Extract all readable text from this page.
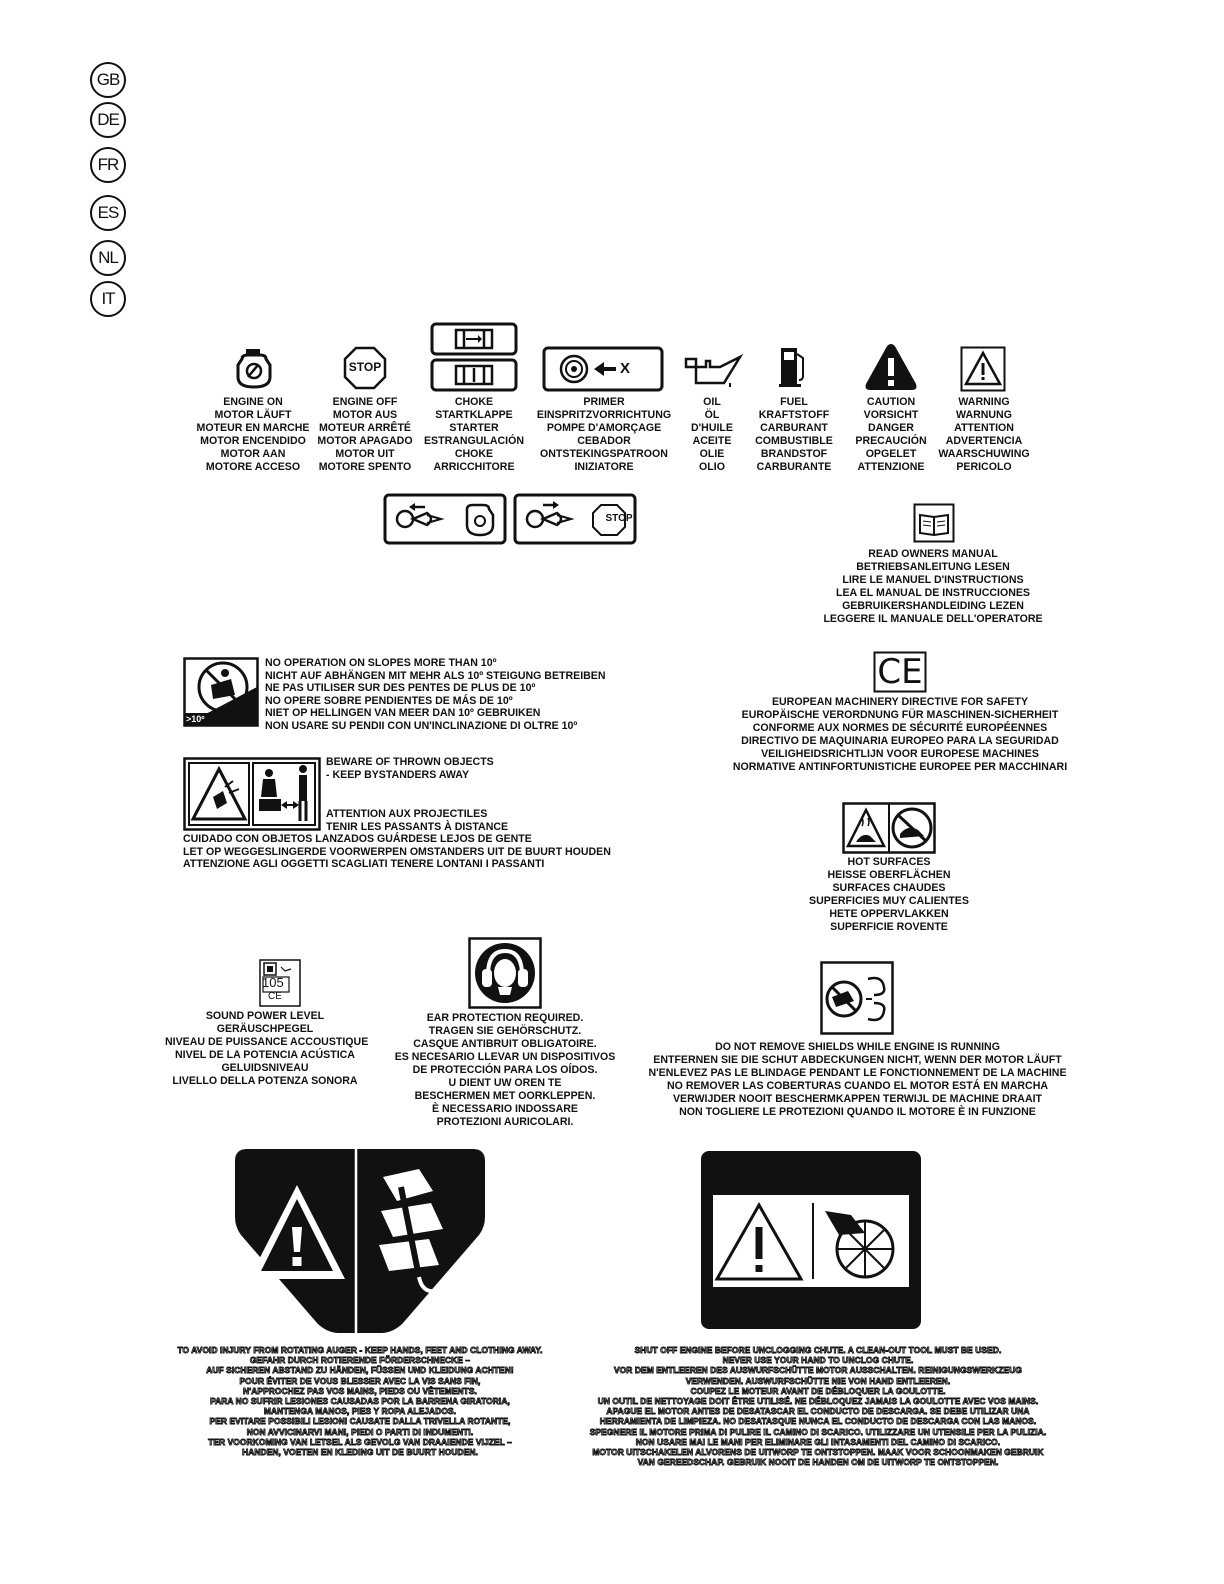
GB
DE
FR
ES
NL
IT
ENGINE ON
MOTOR LÄUFT
MOTEUR EN MARCHE
MOTOR ENCENDIDO
MOTOR AAN
MOTORE ACCESO
STOP
ENGINE OFF
MOTOR AUS
MOTEUR ARRÊTÉ
MOTOR APAGADO
MOTOR UIT
MOTORE SPENTO
CHOKE
STARTKLAPPE
STARTER
ESTRANGULACIÓN
CHOKE
ARRICCHITORE
X
PRIMER
EINSPRITZVORRICHTUNG
POMPE D'AMORÇAGE
CEBADOR
ONTSTEKINGSPATROON
INIZIATORE
OIL
ÖL
D'HUILE
ACEITE
OLIE
OLIO
FUEL
KRAFTSTOFF
CARBURANT
COMBUSTIBLE
BRANDSTOF
CARBURANTE
CAUTION
VORSICHT
DANGER
PRECAUCIÓN
OPGELET
ATTENZIONE
WARNING
WARNUNG
ATTENTION
ADVERTENCIA
WAARSCHUWING
PERICOLO
STOP
READ OWNERS MANUAL
BETRIEBSANLEITUNG LESEN
LIRE LE MANUEL D'INSTRUCTIONS
LEA EL MANUAL DE INSTRUCCIONES
GEBRUIKERSHANDLEIDING LEZEN
LEGGERE IL MANUALE DELL'OPERATORE
>10º
NO OPERATION ON SLOPES MORE THAN 10º
NICHT AUF ABHÄNGEN MIT MEHR ALS 10º STEIGUNG BETREIBEN
NE PAS UTILISER SUR DES PENTES DE PLUS DE 10º
NO OPERE SOBRE PENDIENTES DE MÁS DE 10º
NIET OP HELLINGEN VAN MEER DAN 10º GEBRUIKEN
NON USARE SU PENDII CON UN'INCLINAZIONE DI OLTRE 10º
CE
EUROPEAN MACHINERY DIRECTIVE FOR SAFETY
EUROPÄISCHE VERORDNUNG FÜR MASCHINEN-SICHERHEIT
CONFORME AUX NORMES DE SÉCURITÉ EUROPÉENNES
DIRECTIVO DE MAQUINARIA EUROPEO PARA LA SEGURIDAD
VEILIGHEIDSRICHTLIJN VOOR EUROPESE MACHINES
NORMATIVE ANTINFORTUNISTICHE EUROPEE PER MACCHINARI
BEWARE OF THROWN OBJECTS
- KEEP BYSTANDERS AWAY
ATTENTION AUX PROJECTILES
TENIR LES PASSANTS À DISTANCE
CUIDADO CON OBJETOS LANZADOS GUÁRDESE LEJOS DE GENTE
LET OP WEGGESLINGERDE VOORWERPEN OMSTANDERS UIT DE BUURT HOUDEN
ATTENZIONE AGLI OGGETTI SCAGLIATI TENERE LONTANI I PASSANTI	HOT SURFACES
HEISSE OBERFLÄCHEN
SURFACES CHAUDES
SUPERFICIES MUY CALIENTES
HETE OPPERVLAKKEN
SUPERFICIE ROVENTE
105
CE
SOUND POWER LEVEL
GERÄUSCHPEGEL
NIVEAU DE PUISSANCE ACCOUSTIQUE
NIVEL DE LA POTENCIA ACÚSTICA
GELUIDSNIVEAU
LIVELLO DELLA POTENZA SONORA
EAR PROTECTION REQUIRED.
TRAGEN SIE GEHÖRSCHUTZ.
CASQUE ANTIBRUIT OBLIGATOIRE.
ES NECESARIO LLEVAR UN DISPOSITIVOS
DE PROTECCIÓN PARA LOS OÍDOS.
U DIENT UW OREN TE
BESCHERMEN MET OORKLEPPEN.
È NECESSARIO INDOSSARE
PROTEZIONI AURICOLARI.
DO NOT REMOVE SHIELDS WHILE ENGINE IS RUNNING
ENTFERNEN SIE DIE SCHUT ABDECKUNGEN NICHT, WENN DER MOTOR LÄUFT
N'ENLEVEZ PAS LE BLINDAGE PENDANT LE FONCTIONNEMENT DE LA MACHINE
NO REMOVER LAS COBERTURAS CUANDO EL MOTOR ESTÁ EN MARCHA
VERWIJDER NOOIT BESCHERMKAPPEN TERWIJL DE MACHINE DRAAIT
NON TOGLIERE LE PROTEZIONI QUANDO IL MOTORE È IN FUNZIONE
TO AVOID INJURY FROM ROTATING AUGER - KEEP HANDS, FEET AND CLOTHING AWAY.
GEFAHR DURCH ROTIERENDE FÖRDERSCHNECKE –
AUF SICHEREN ABSTAND ZU HÄNDEN, FÜSSEN UND KLEIDUNG ACHTEN!
POUR ÉVITER DE VOUS BLESSER AVEC LA VIS SANS FIN,
N'APPROCHEZ PAS VOS MAINS, PIEDS OU VÊTEMENTS.
PARA NO SUFRIR LESIONES CAUSADAS POR LA BARRENA GIRATORIA,
MANTENGA MANOS, PIES Y ROPA ALEJADOS.
PER EVITARE POSSIBILI LESIONI CAUSATE DALLA TRIVELLA ROTANTE,
NON AVVICINARVI MANI, PIEDI O PARTI DI INDUMENTI.
TER VOORKOMING VAN LETSEL ALS GEVOLG VAN DRAAIENDE VIJZEL –
HANDEN, VOETEN EN KLEDING UIT DE BUURT HOUDEN.
SHUT OFF ENGINE BEFORE UNCLOGGING CHUTE. A CLEAN-OUT TOOL MUST BE USED.
NEVER USE YOUR HAND TO UNCLOG CHUTE.
VOR DEM ENTLEEREN DES AUSWURFSCHÜTTE MOTOR AUSSCHALTEN. REINIGUNGSWERKZEUG
VERWENDEN. AUSWURFSCHÜTTE NIE VON HAND ENTLEEREN.
COUPEZ LE MOTEUR AVANT DE DÉBLOQUER LA GOULOTTE.
UN OUTIL DE NETTOYAGE DOIT ÊTRE UTILISÉ. NE DÉBLOQUEZ JAMAIS LA GOULOTTE AVEC VOS MAINS.
APAGUE EL MOTOR ANTES DE DESATASCAR EL CONDUCTO DE DESCARGA. SE DEBE UTILIZAR UNA
HERRAMIENTA DE LIMPIEZA. NO DESATASQUE NUNCA EL CONDUCTO DE DESCARGA CON LAS MANOS.
SPEGNERE IL MOTORE PRIMA DI PULIRE IL CAMINO DI SCARICO. UTILIZZARE UN UTENSILE PER LA PULIZIA.
NON USARE MAI LE MANI PER ELIMINARE GLI INTASAMENTI DEL CAMINO DI SCARICO.
MOTOR UITSCHAKELEN ALVORENS DE UITWORP TE ONTSTOPPEN. MAAK VOOR SCHOONMAKEN GEBRUIK
VAN GEREEDSCHAP. GEBRUIK NOOIT DE HANDEN OM DE UITWORP TE ONTSTOPPEN.
